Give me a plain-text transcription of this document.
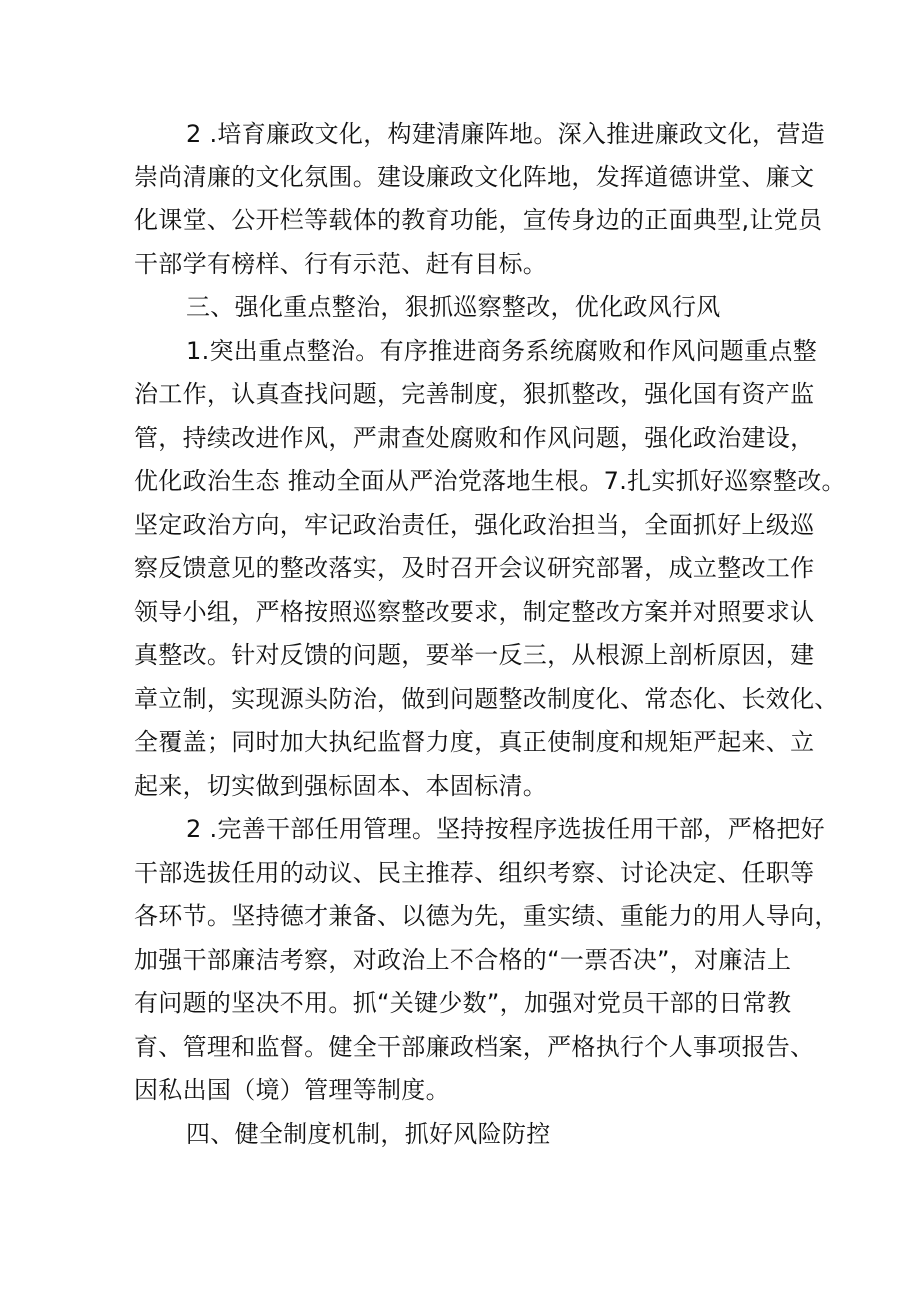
2 .培育廉政文化，构建清廉阵地。深入推进廉政文化，营造
崇尚清廉的文化氛围。建设廉政文化阵地，发挥道德讲堂、廉文
化课堂、公开栏等载体的教育功能，宣传身边的正面典型,让党员
干部学有榜样、行有示范、赶有目标。
三、强化重点整治，狠抓巡察整改，优化政风行风
1.突出重点整治。有序推进商务系统腐败和作风问题重点整
治工作，认真查找问题，完善制度，狠抓整改，强化国有资产监
管，持续改进作风，严肃查处腐败和作风问题，强化政治建设，
优化政治生态 推动全面从严治党落地生根。7.扎实抓好巡察整改。
坚定政治方向，牢记政治责任，强化政治担当，全面抓好上级巡
察反馈意见的整改落实，及时召开会议研究部署，成立整改工作
领导小组，严格按照巡察整改要求，制定整改方案并对照要求认
真整改。针对反馈的问题，要举一反三，从根源上剖析原因，建
章立制，实现源头防治，做到问题整改制度化、常态化、长效化、
全覆盖；同时加大执纪监督力度，真正使制度和规矩严起来、立
起来，切实做到强标固本、本固标清。
2 .完善干部任用管理。坚持按程序选拔任用干部，严格把好
干部选拔任用的动议、民主推荐、组织考察、讨论决定、任职等
各环节。坚持德才兼备、以德为先，重实绩、重能力的用人导向，
加强干部廉洁考察，对政治上不合格的“一票否决”，对廉洁上
有问题的坚决不用。抓“关键少数”，加强对党员干部的日常教
育、管理和监督。健全干部廉政档案，严格执行个人事项报告、
因私出国（境）管理等制度。
四、健全制度机制，抓好风险防控
